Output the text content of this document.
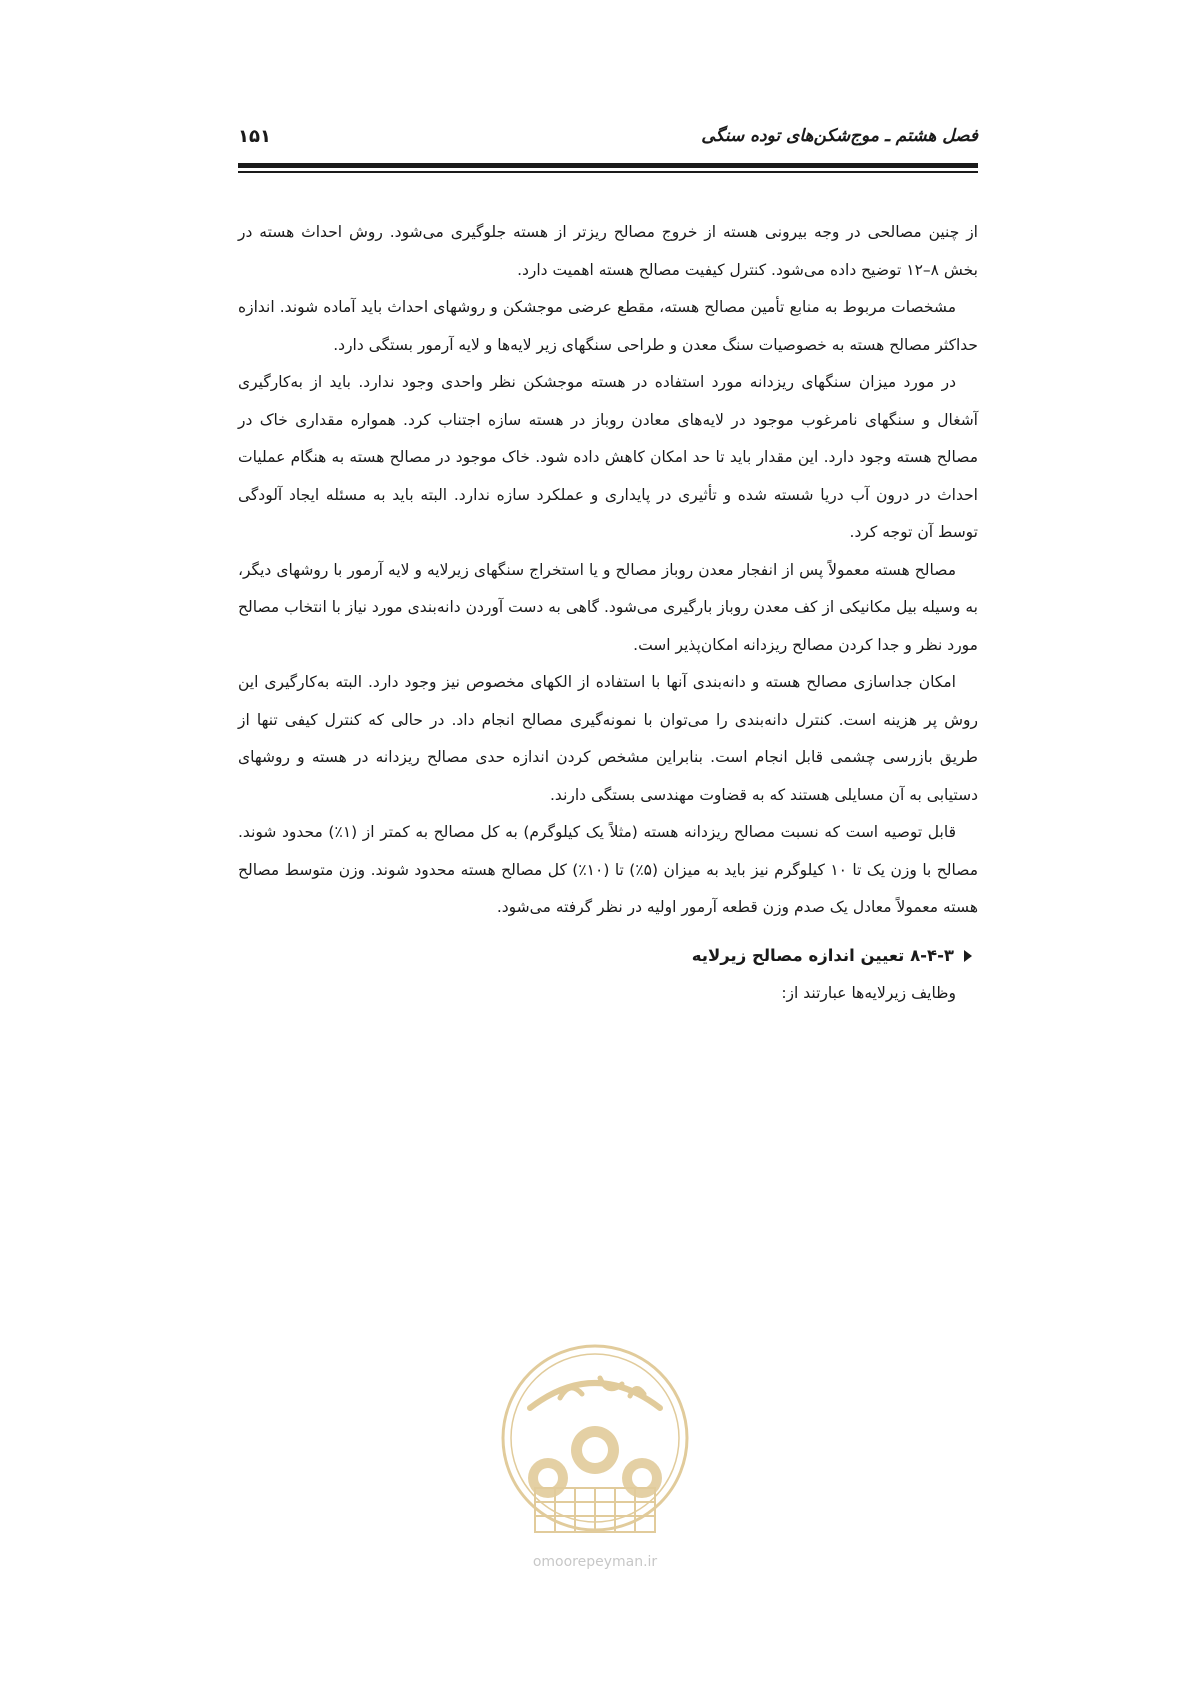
فصل هشتم ـ موج‌شکن‌های توده سنگی
۱۵۱

از چنین مصالحی در وجه بیرونی هسته از خروج مصالح ریزتر از هسته جلوگیری می‌شود. روش احداث هسته در بخش ۸–۱۲ توضیح داده می‌شود. کنترل کیفیت مصالح هسته اهمیت دارد.

مشخصات مربوط به منابع تأمین مصالح هسته، مقطع عرضی موجشکن و روشهای احداث باید آماده شوند. اندازه حداکثر مصالح هسته به خصوصیات سنگ معدن و طراحی سنگهای زیر لایه‌ها و لایه آرمور بستگی دارد.

در مورد میزان سنگهای ریزدانه مورد استفاده در هسته موجشکن نظر واحدی وجود ندارد. باید از به‌کارگیری آشغال و سنگهای نامرغوب موجود در لایه‌های معادن روباز در هسته سازه اجتناب کرد. همواره مقداری خاک در مصالح هسته وجود دارد. این مقدار باید تا حد امکان کاهش داده شود. خاک موجود در مصالح هسته به هنگام عملیات احداث در درون آب دریا شسته شده و تأثیری در پایداری و عملکرد سازه ندارد. البته باید به مسئله ایجاد آلودگی توسط آن توجه کرد.

مصالح هسته معمولاً پس از انفجار معدن روباز مصالح و یا استخراج سنگهای زیرلایه و لایه آرمور با روشهای دیگر، به وسیله بیل مکانیکی از کف معدن روباز بارگیری می‌شود. گاهی به دست آوردن دانه‌بندی مورد نیاز با انتخاب مصالح مورد نظر و جدا کردن مصالح ریزدانه امکان‌پذیر است.

امکان جداسازی مصالح هسته و دانه‌بندی آنها با استفاده از الکهای مخصوص نیز وجود دارد. البته به‌کارگیری این روش پر هزینه است. کنترل دانه‌بندی را می‌توان با نمونه‌گیری مصالح انجام داد. در حالی که کنترل کیفی تنها از طریق بازرسی چشمی قابل انجام است. بنابراین مشخص کردن اندازه حدی مصالح ریزدانه در هسته و روشهای دستیابی به آن مسایلی هستند که به قضاوت مهندسی بستگی دارند.

قابل توصیه است که نسبت مصالح ریزدانه هسته (مثلاً یک کیلوگرم) به کل مصالح به کمتر از (۱٪) محدود شوند. مصالح با وزن یک تا ۱۰ کیلوگرم نیز باید به میزان (۵٪) تا (۱۰٪) کل مصالح هسته محدود شوند. وزن متوسط مصالح هسته معمولاً معادل یک صدم وزن قطعه آرمور اولیه در نظر گرفته می‌شود.

۸-۴-۳ تعیین اندازه مصالح زیرلایه

وظایف زیرلایه‌ها عبارتند از:

omoorepeyman.ir
